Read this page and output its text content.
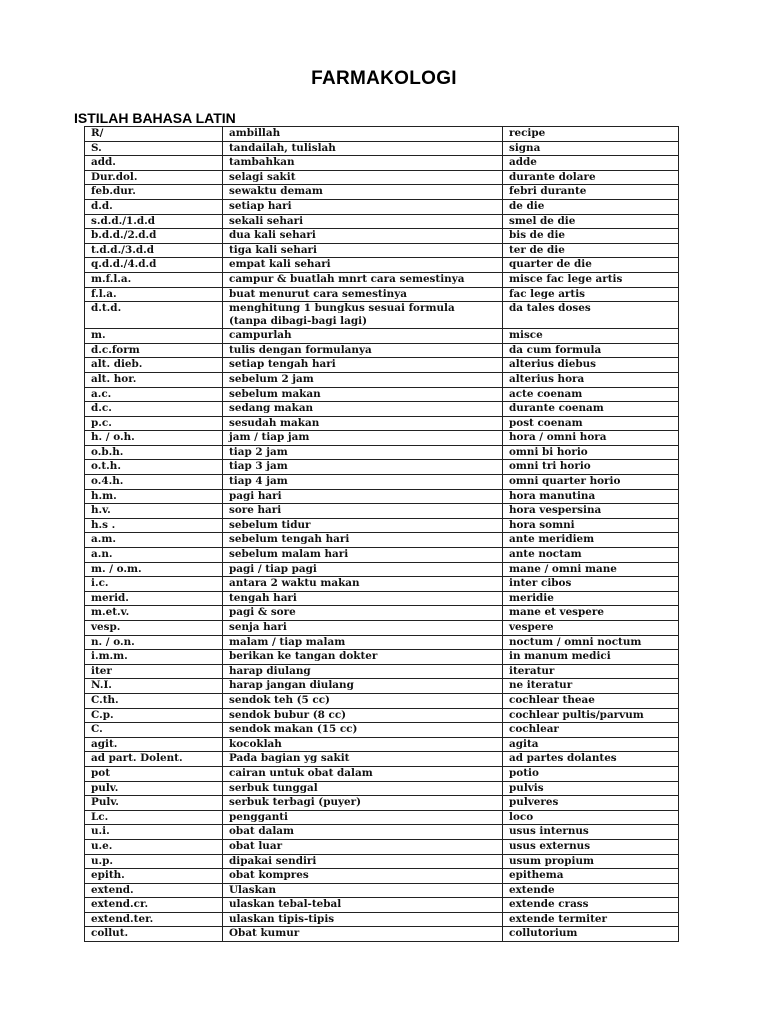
FARMAKOLOGI
ISTILAH BAHASA LATIN
R/	ambillah	recipe
S.	tandailah, tulislah	signa
add.	tambahkan	adde
Dur.dol.	selagi sakit	durante dolare
feb.dur.	sewaktu demam	febri durante
d.d.	setiap hari	de die
s.d.d./1.d.d	sekali sehari	smel de die
b.d.d./2.d.d	dua kali sehari	bis de die
t.d.d./3.d.d	tiga kali sehari	ter de die
q.d.d./4.d.d	empat kali sehari	quarter de die
m.f.l.a.	campur & buatlah mnrt cara semestinya	misce fac lege artis
f.l.a.	buat menurut cara semestinya	fac lege artis
d.t.d.	menghitung 1 bungkus sesuai formula (tanpa dibagi-bagi lagi)	da tales doses
m.	campurlah	misce
d.c.form	tulis dengan formulanya	da cum formula
alt. dieb.	setiap tengah hari	alterius diebus
alt. hor.	sebelum 2 jam	alterius hora
a.c.	sebelum makan	acte coenam
d.c.	sedang makan	durante coenam
p.c.	sesudah makan	post coenam
h. / o.h.	jam / tiap jam	hora / omni hora
o.b.h.	tiap 2 jam	omni bi horio
o.t.h.	tiap 3 jam	omni tri horio
o.4.h.	tiap 4 jam	omni quarter horio
h.m.	pagi hari	hora manutina
h.v.	sore hari	hora vespersina
h.s .	sebelum tidur	hora somni
a.m.	sebelum tengah hari	ante meridiem
a.n.	sebelum malam hari	ante noctam
m. / o.m.	pagi / tiap pagi	mane / omni mane
i.c.	antara 2 waktu makan	inter cibos
merid.	tengah hari	meridie
m.et.v.	pagi & sore	mane et vespere
vesp.	senja hari	vespere
n. / o.n.	malam / tiap malam	noctum / omni noctum
i.m.m.	berikan ke tangan dokter	in manum medici
iter	harap diulang	iteratur
N.I.	harap jangan diulang	ne iteratur
C.th.	sendok teh (5 cc)	cochlear theae
C.p.	sendok bubur (8 cc)	cochlear pultis/parvum
C.	sendok makan (15 cc)	cochlear
agit.	kocoklah	agita
ad part. Dolent.	Pada bagian yg sakit	ad partes dolantes
pot	cairan untuk obat dalam	potio
pulv.	serbuk tunggal	pulvis
Pulv.	serbuk terbagi (puyer)	pulveres
Lc.	pengganti	loco
u.i.	obat dalam	usus internus
u.e.	obat luar	usus externus
u.p.	dipakai sendiri	usum propium
epith.	obat kompres	epithema
extend.	Ulaskan	extende
extend.cr.	ulaskan tebal-tebal	extende crass
extend.ter.	ulaskan tipis-tipis	extende termiter
collut.	Obat kumur	collutorium
